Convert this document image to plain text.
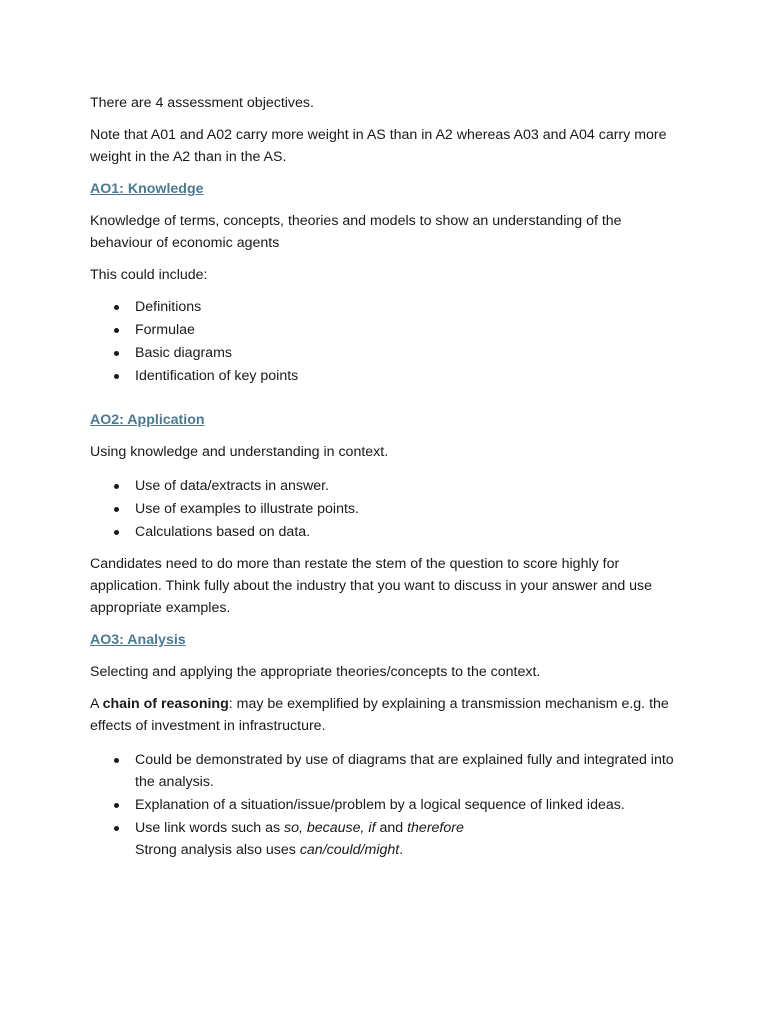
There are 4 assessment objectives.

Note that A01 and A02 carry more weight in AS than in A2 whereas A03 and A04 carry more weight in the A2 than in the AS.

AO1: Knowledge

Knowledge of terms, concepts, theories and models to show an understanding of the behaviour of economic agents

This could include:

Definitions
Formulae
Basic diagrams
Identification of key points
AO2: Application

Using knowledge and understanding in context.

Use of data/extracts in answer.
Use of examples to illustrate points.
Calculations based on data.

Candidates need to do more than restate the stem of the question to score highly for application. Think fully about the industry that you want to discuss in your answer and use appropriate examples.

AO3: Analysis

Selecting and applying the appropriate theories/concepts to the context.

A chain of reasoning: may be exemplified by explaining a transmission mechanism e.g. the effects of investment in infrastructure.

Could be demonstrated by use of diagrams that are explained fully and integrated into the analysis.
Explanation of a situation/issue/problem by a logical sequence of linked ideas.
Use link words such as so, because, if and therefore
Strong analysis also uses can/could/might.
